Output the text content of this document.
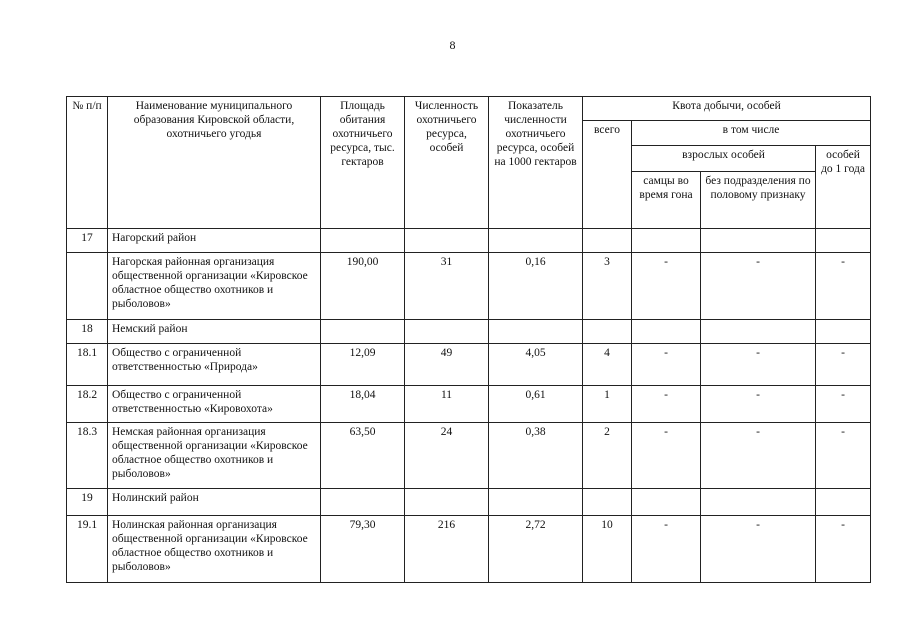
8
№ п/п	Наименование муниципального образования Кировской области, охотничьего угодья	Площадь обитания охотничьего ресурса, тыс. гектаров	Численность охотничьего ресурса, особей	Показатель численности охотничьего ресурса, особей на 1000 гектаров	Квота добычи, особей			
					всего	в том числе		
						взрослых особей		особей до 1 года
						самцы во время гона	без подразделения по половому признаку	
17	Нагорский район							
	Нагорская районная организация общественной организации «Кировское областное общество охотников и рыболовов»	190,00	31	0,16	3	-	-	-
18	Немский район							
18.1	Общество с ограниченной ответственностью «Природа»	12,09	49	4,05	4	-	-	-
18.2	Общество с ограниченной ответственностью «Кировохота»	18,04	11	0,61	1	-	-	-
18.3	Немская районная организация общественной организации «Кировское областное общество охотников и рыболовов»	63,50	24	0,38	2	-	-	-
19	Нолинский район							
19.1	Нолинская районная организация общественной организации «Кировское областное общество охотников и рыболовов»	79,30	216	2,72	10	-	-	-
